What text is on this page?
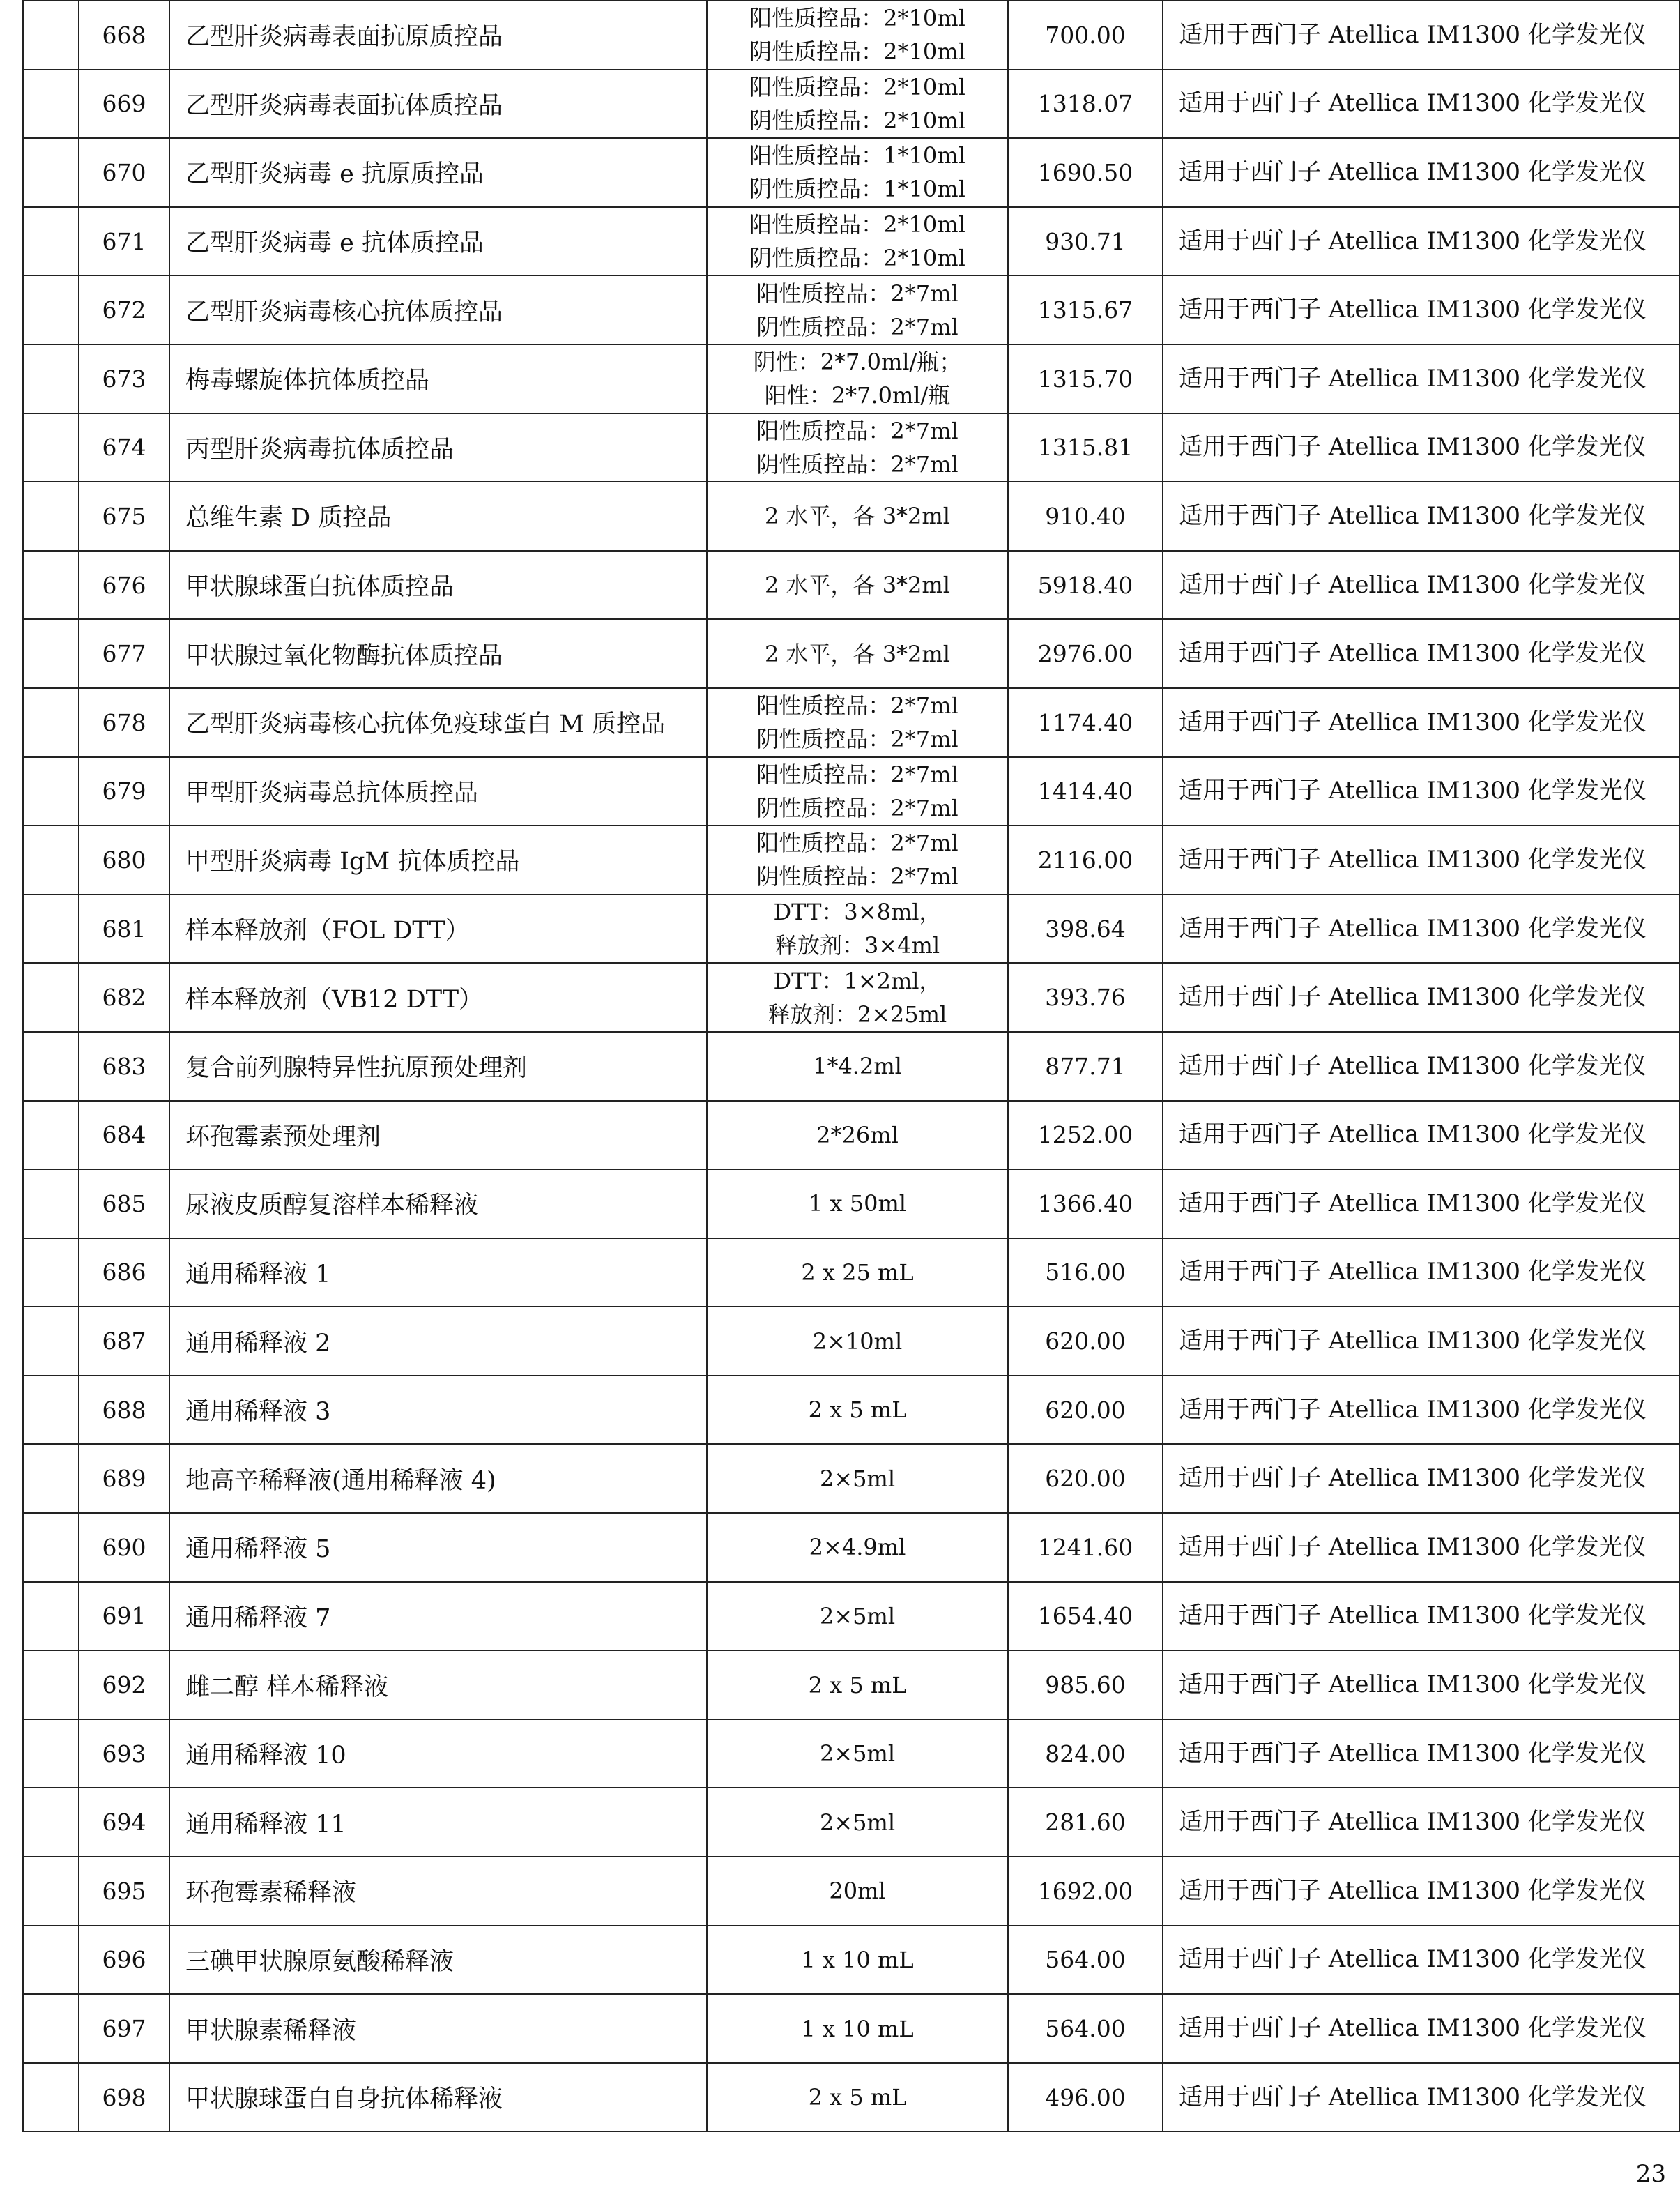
	668	乙型肝炎病毒表面抗原质控品	阳性质控品：2*10ml
阴性质控品：2*10ml	700.00	适用于西门子 Atellica IM1300 化学发光仪
	669	乙型肝炎病毒表面抗体质控品	阳性质控品：2*10ml
阴性质控品：2*10ml	1318.07	适用于西门子 Atellica IM1300 化学发光仪
	670	乙型肝炎病毒 e 抗原质控品	阳性质控品：1*10ml
阴性质控品：1*10ml	1690.50	适用于西门子 Atellica IM1300 化学发光仪
	671	乙型肝炎病毒 e 抗体质控品	阳性质控品：2*10ml
阴性质控品：2*10ml	930.71	适用于西门子 Atellica IM1300 化学发光仪
	672	乙型肝炎病毒核心抗体质控品	阳性质控品：2*7ml
阴性质控品：2*7ml	1315.67	适用于西门子 Atellica IM1300 化学发光仪
	673	梅毒螺旋体抗体质控品	阴性：2*7.0ml/瓶；
阳性：2*7.0ml/瓶	1315.70	适用于西门子 Atellica IM1300 化学发光仪
	674	丙型肝炎病毒抗体质控品	阳性质控品：2*7ml
阴性质控品：2*7ml	1315.81	适用于西门子 Atellica IM1300 化学发光仪
	675	总维生素 D 质控品	2 水平，各 3*2ml	910.40	适用于西门子 Atellica IM1300 化学发光仪
	676	甲状腺球蛋白抗体质控品	2 水平，各 3*2ml	5918.40	适用于西门子 Atellica IM1300 化学发光仪
	677	甲状腺过氧化物酶抗体质控品	2 水平，各 3*2ml	2976.00	适用于西门子 Atellica IM1300 化学发光仪
	678	乙型肝炎病毒核心抗体免疫球蛋白 M 质控品	阳性质控品：2*7ml
阴性质控品：2*7ml	1174.40	适用于西门子 Atellica IM1300 化学发光仪
	679	甲型肝炎病毒总抗体质控品	阳性质控品：2*7ml
阴性质控品：2*7ml	1414.40	适用于西门子 Atellica IM1300 化学发光仪
	680	甲型肝炎病毒 IgM 抗体质控品	阳性质控品：2*7ml
阴性质控品：2*7ml	2116.00	适用于西门子 Atellica IM1300 化学发光仪
	681	样本释放剂（FOL DTT）	DTT：3×8ml，
释放剂：3×4ml	398.64	适用于西门子 Atellica IM1300 化学发光仪
	682	样本释放剂（VB12 DTT）	DTT：1×2ml，
释放剂：2×25ml	393.76	适用于西门子 Atellica IM1300 化学发光仪
	683	复合前列腺特异性抗原预处理剂	1*4.2ml	877.71	适用于西门子 Atellica IM1300 化学发光仪
	684	环孢霉素预处理剂	2*26ml	1252.00	适用于西门子 Atellica IM1300 化学发光仪
	685	尿液皮质醇复溶样本稀释液	1 x 50ml	1366.40	适用于西门子 Atellica IM1300 化学发光仪
	686	通用稀释液 1	2 x 25 mL	516.00	适用于西门子 Atellica IM1300 化学发光仪
	687	通用稀释液 2	2×10ml	620.00	适用于西门子 Atellica IM1300 化学发光仪
	688	通用稀释液 3	2 x 5 mL	620.00	适用于西门子 Atellica IM1300 化学发光仪
	689	地高辛稀释液(通用稀释液 4)	2×5ml	620.00	适用于西门子 Atellica IM1300 化学发光仪
	690	通用稀释液 5	2×4.9ml	1241.60	适用于西门子 Atellica IM1300 化学发光仪
	691	通用稀释液 7	2×5ml	1654.40	适用于西门子 Atellica IM1300 化学发光仪
	692	雌二醇 样本稀释液	2 x 5 mL	985.60	适用于西门子 Atellica IM1300 化学发光仪
	693	通用稀释液 10	2×5ml	824.00	适用于西门子 Atellica IM1300 化学发光仪
	694	通用稀释液 11	2×5ml	281.60	适用于西门子 Atellica IM1300 化学发光仪
	695	环孢霉素稀释液	20ml	1692.00	适用于西门子 Atellica IM1300 化学发光仪
	696	三碘甲状腺原氨酸稀释液	1 x 10 mL	564.00	适用于西门子 Atellica IM1300 化学发光仪
	697	甲状腺素稀释液	1 x 10 mL	564.00	适用于西门子 Atellica IM1300 化学发光仪
	698	甲状腺球蛋白自身抗体稀释液	2 x 5 mL	496.00	适用于西门子 Atellica IM1300 化学发光仪
23
